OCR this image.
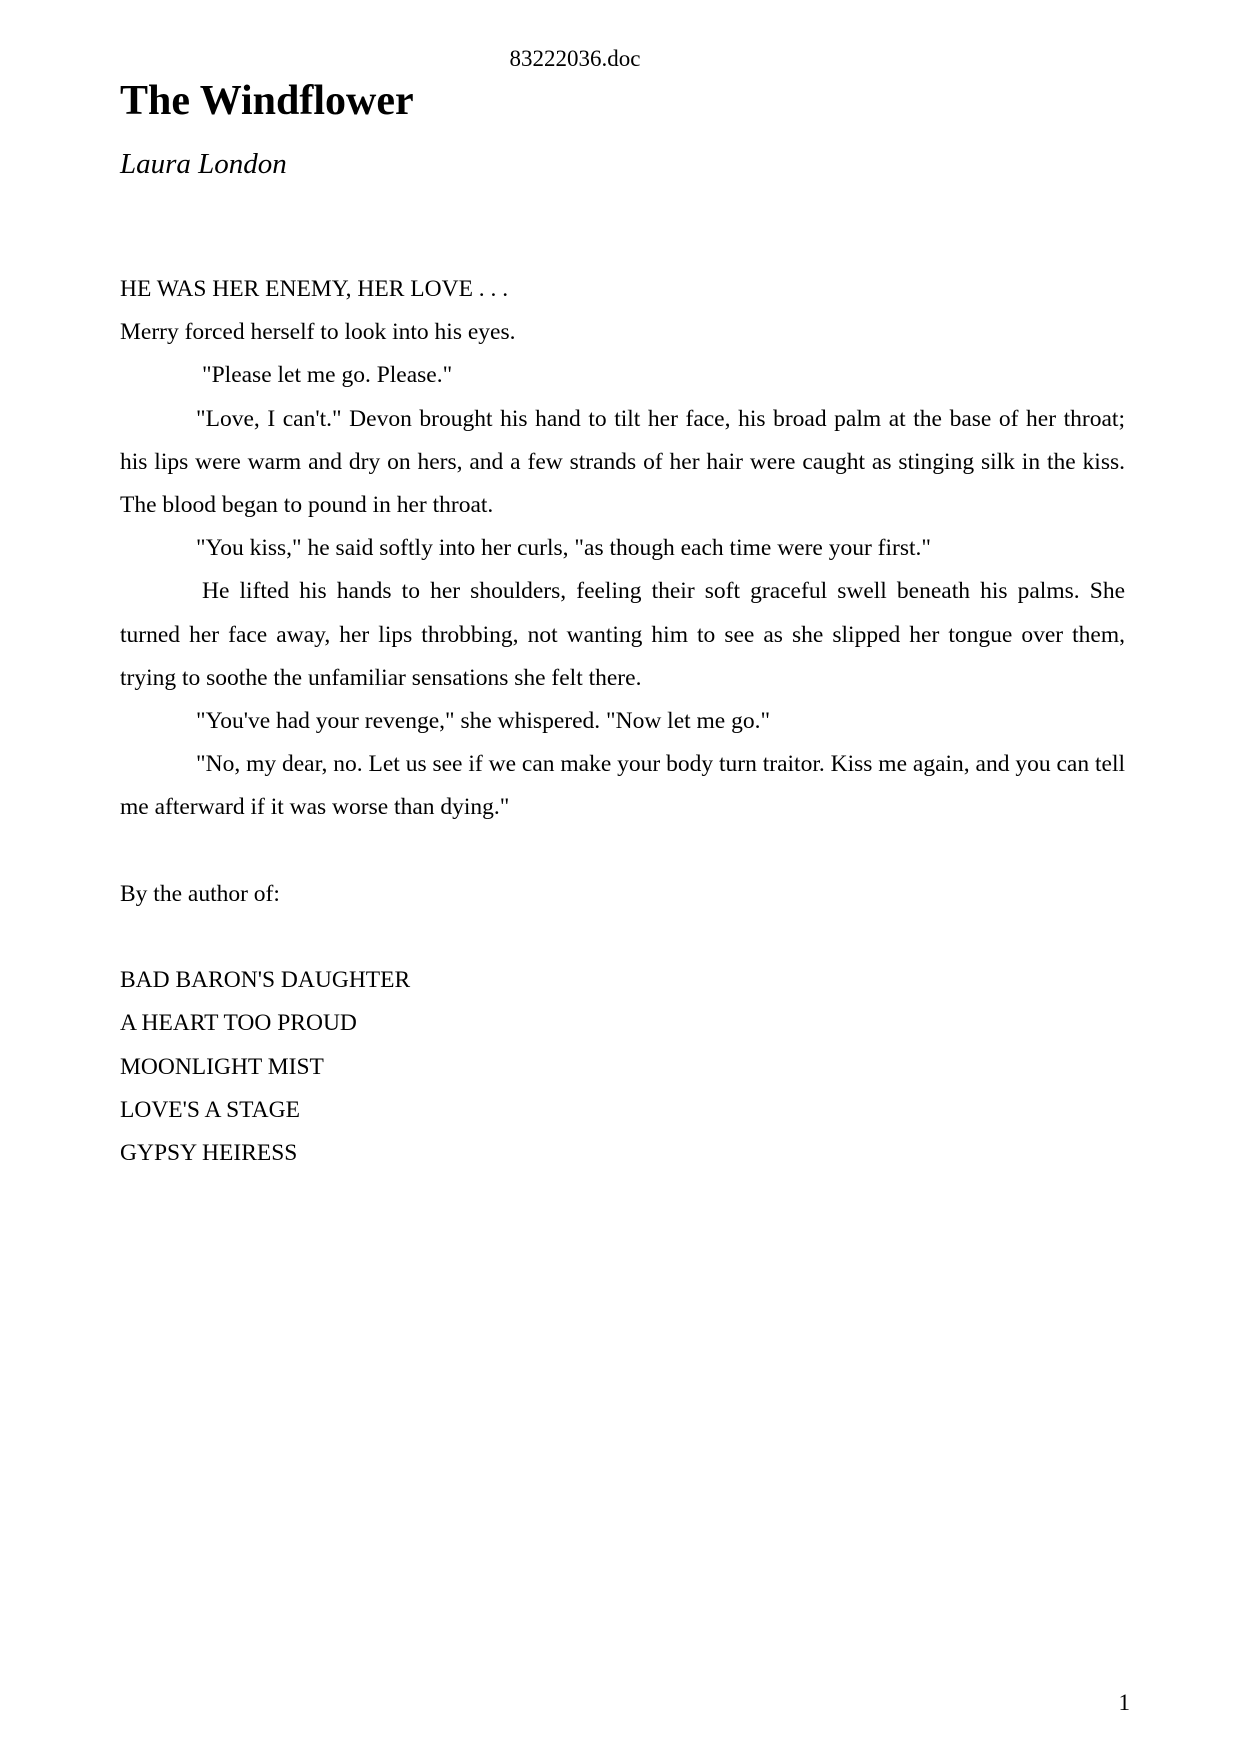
83222036.doc
The Windflower

Laura London

HE WAS HER ENEMY, HER LOVE . . .

Merry forced herself to look into his eyes.

"Please let me go. Please."

"Love, I can't." Devon brought his hand to tilt her face, his broad palm at the base of her throat; his lips were warm and dry on hers, and a few strands of her hair were caught as stinging silk in the kiss. The blood began to pound in her throat.

"You kiss," he said softly into her curls, "as though each time were your first."

He lifted his hands to her shoulders, feeling their soft graceful swell beneath his palms. She turned her face away, her lips throbbing, not wanting him to see as she slipped her tongue over them, trying to soothe the unfamiliar sensations she felt there.

"You've had your revenge," she whispered. "Now let me go."

"No, my dear, no. Let us see if we can make your body turn traitor. Kiss me again, and you can tell me afterward if it was worse than dying."

By the author of:

BAD BARON'S DAUGHTER
A HEART TOO PROUD
MOONLIGHT MIST
LOVE'S A STAGE
GYPSY HEIRESS
1
